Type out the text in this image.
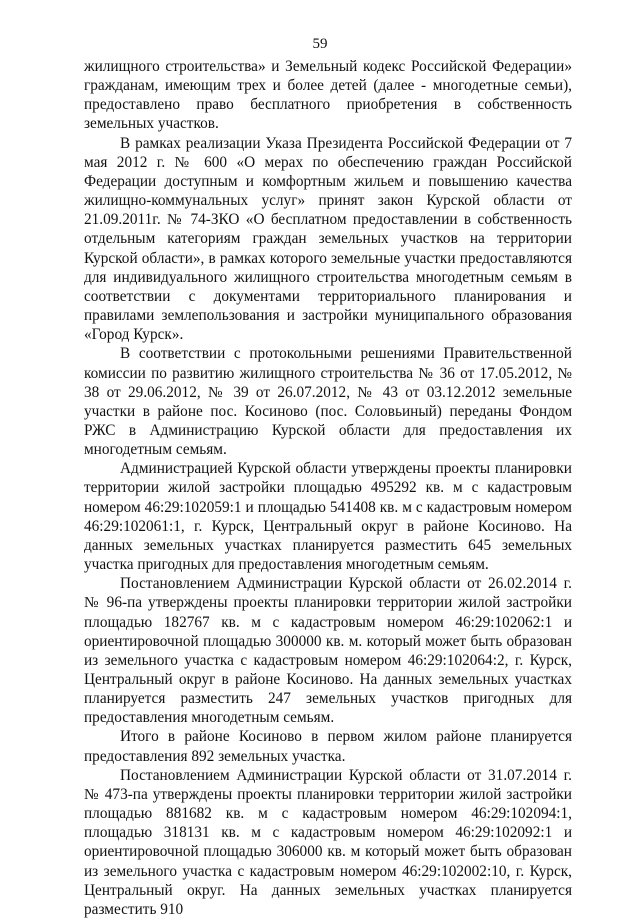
59

жилищного строительства» и Земельный кодекс Российской Федерации» гражданам, имеющим трех и более детей (далее - многодетные семьи), предоставлено право бесплатного приобретения в собственность земельных участков.

В рамках реализации Указа Президента Российской Федерации от 7 мая 2012 г. № 600 «О мерах по обеспечению граждан Российской Федерации доступным и комфортным жильем и повышению качества жилищно-коммунальных услуг» принят закон Курской области от 21.09.2011г. № 74-ЗКО «О бесплатном предоставлении в собственность отдельным категориям граждан земельных участков на территории Курской области», в рамках которого земельные участки предоставляются для индивидуального жилищного строительства многодетным семьям в соответствии с документами территориального планирования и правилами землепользования и застройки муниципального образования «Город Курск».

В соответствии с протокольными решениями Правительственной комиссии по развитию жилищного строительства № 36 от 17.05.2012, № 38 от 29.06.2012, № 39 от 26.07.2012, № 43 от 03.12.2012 земельные участки в районе пос. Косиново (пос. Соловьиный) переданы Фондом РЖС в Администрацию Курской области для предоставления их многодетным семьям.

Администрацией Курской области утверждены проекты планировки территории жилой застройки площадью 495292 кв. м с кадастровым номером 46:29:102059:1 и площадью 541408 кв. м с кадастровым номером 46:29:102061:1, г. Курск, Центральный округ в районе Косиново. На данных земельных участках планируется разместить 645 земельных участка пригодных для предоставления многодетным семьям.

Постановлением Администрации Курской области от 26.02.2014 г. № 96-па утверждены проекты планировки территории жилой застройки площадью 182767 кв. м с кадастровым номером 46:29:102062:1 и ориентировочной площадью 300000 кв. м. который может быть образован из земельного участка с кадастровым номером 46:29:102064:2, г. Курск, Центральный округ в районе Косиново. На данных земельных участках планируется разместить 247 земельных участков пригодных для предоставления многодетным семьям.

Итого в районе Косиново в первом жилом районе планируется предоставления 892 земельных участка.

Постановлением Администрации Курской области от 31.07.2014 г. № 473-па утверждены проекты планировки территории жилой застройки площадью 881682 кв. м с кадастровым номером 46:29:102094:1, площадью 318131 кв. м с кадастровым номером 46:29:102092:1 и ориентировочной площадью 306000 кв. м который может быть образован из земельного участка с кадастровым номером 46:29:102002:10, г. Курск, Центральный округ. На данных земельных участках планируется разместить 910
